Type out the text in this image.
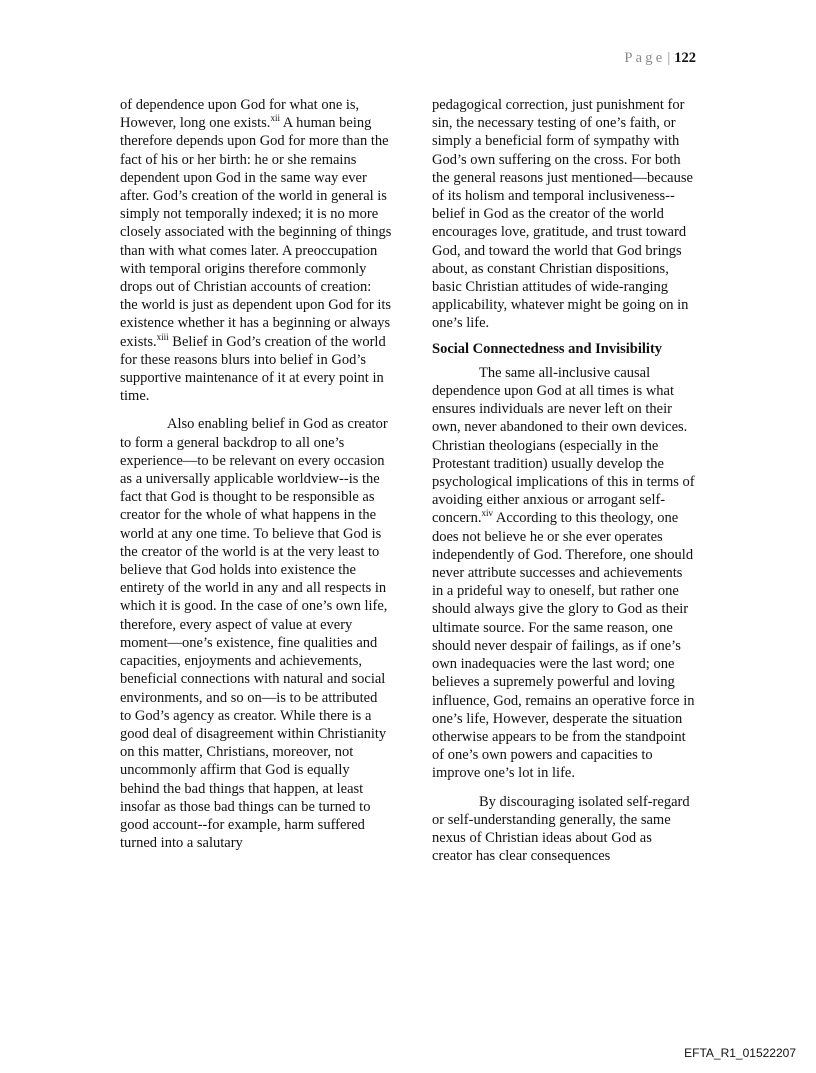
Page | 122

of dependence upon God for what one is, However, long one exists.$^{xii}$ A human being therefore depends upon God for more than the fact of his or her birth: he or she remains dependent upon God in the same way ever after. God’s creation of the world in general is simply not temporally indexed; it is no more closely associated with the beginning of things than with what comes later. A preoccupation with temporal origins therefore commonly drops out of Christian accounts of creation: the world is just as dependent upon God for its existence whether it has a beginning or always exists.$^{xiii}$ Belief in God’s creation of the world for these reasons blurs into belief in God’s supportive maintenance of it at every point in time.

Also enabling belief in God as creator to form a general backdrop to all one’s experience—to be relevant on every occasion as a universally applicable worldview--is the fact that God is thought to be responsible as creator for the whole of what happens in the world at any one time. To believe that God is the creator of the world is at the very least to believe that God holds into existence the entirety of the world in any and all respects in which it is good. In the case of one’s own life, therefore, every aspect of value at every moment—one’s existence, fine qualities and capacities, enjoyments and achievements, beneficial connections with natural and social environments, and so on—is to be attributed to God’s agency as creator. While there is a good deal of disagreement within Christianity on this matter, Christians, moreover, not uncommonly affirm that God is equally behind the bad things that happen, at least insofar as those bad things can be turned to good account--for example, harm suffered turned into a salutary

pedagogical correction, just punishment for sin, the necessary testing of one’s faith, or simply a beneficial form of sympathy with God’s own suffering on the cross. For both the general reasons just mentioned—because of its holism and temporal inclusiveness--belief in God as the creator of the world encourages love, gratitude, and trust toward God, and toward the world that God brings about, as constant Christian dispositions, basic Christian attitudes of wide-ranging applicability, whatever might be going on in one’s life.

Social Connectedness and Invisibility

The same all-inclusive causal dependence upon God at all times is what ensures individuals are never left on their own, never abandoned to their own devices. Christian theologians (especially in the Protestant tradition) usually develop the psychological implications of this in terms of avoiding either anxious or arrogant self-concern.$^{xiv}$ According to this theology, one does not believe he or she ever operates independently of God. Therefore, one should never attribute successes and achievements in a prideful way to oneself, but rather one should always give the glory to God as their ultimate source. For the same reason, one should never despair of failings, as if one’s own inadequacies were the last word; one believes a supremely powerful and loving influence, God, remains an operative force in one’s life, However, desperate the situation otherwise appears to be from the standpoint of one’s own powers and capacities to improve one’s lot in life.

By discouraging isolated self-regard or self-understanding generally, the same nexus of Christian ideas about God as creator has clear consequences

EFTA_R1_01522207
